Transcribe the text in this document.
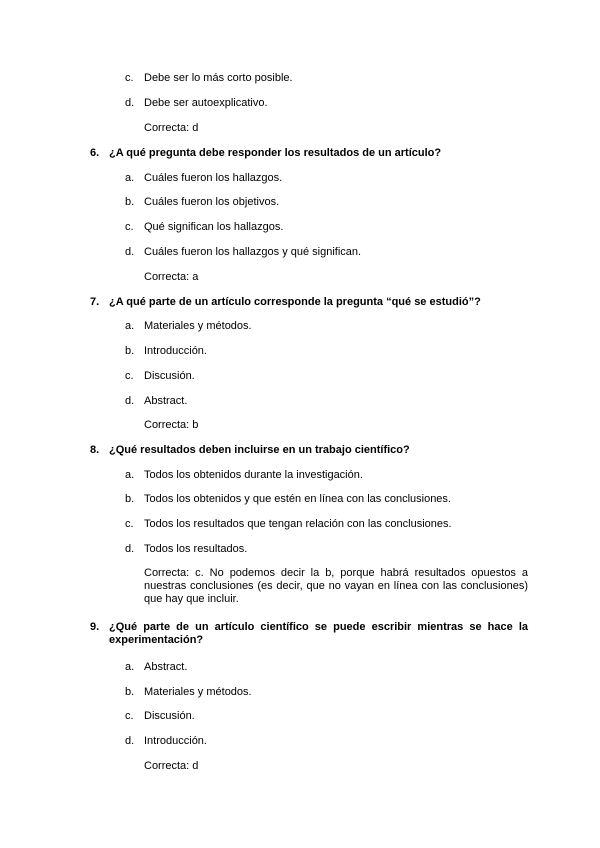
c. Debe ser lo más corto posible.
d. Debe ser autoexplicativo.
Correcta: d
6. ¿A qué pregunta debe responder los resultados de un artículo?
a. Cuáles fueron los hallazgos.
b. Cuáles fueron los objetivos.
c. Qué significan los hallazgos.
d. Cuáles fueron los hallazgos y qué significan.
Correcta: a
7. ¿A qué parte de un artículo corresponde la pregunta “qué se estudió”?
a. Materiales y métodos.
b. Introducción.
c. Discusión.
d. Abstract.
Correcta: b
8. ¿Qué resultados deben incluirse en un trabajo científico?
a. Todos los obtenidos durante la investigación.
b. Todos los obtenidos y que estén en línea con las conclusiones.
c. Todos los resultados que tengan relación con las conclusiones.
d. Todos los resultados.
Correcta: c. No podemos decir la b, porque habrá resultados opuestos a nuestras conclusiones (es decir, que no vayan en línea con las conclusiones) que hay que incluir.
9. ¿Qué parte de un artículo científico se puede escribir mientras se hace la experimentación?
a. Abstract.
b. Materiales y métodos.
c. Discusión.
d. Introducción.
Correcta: d
